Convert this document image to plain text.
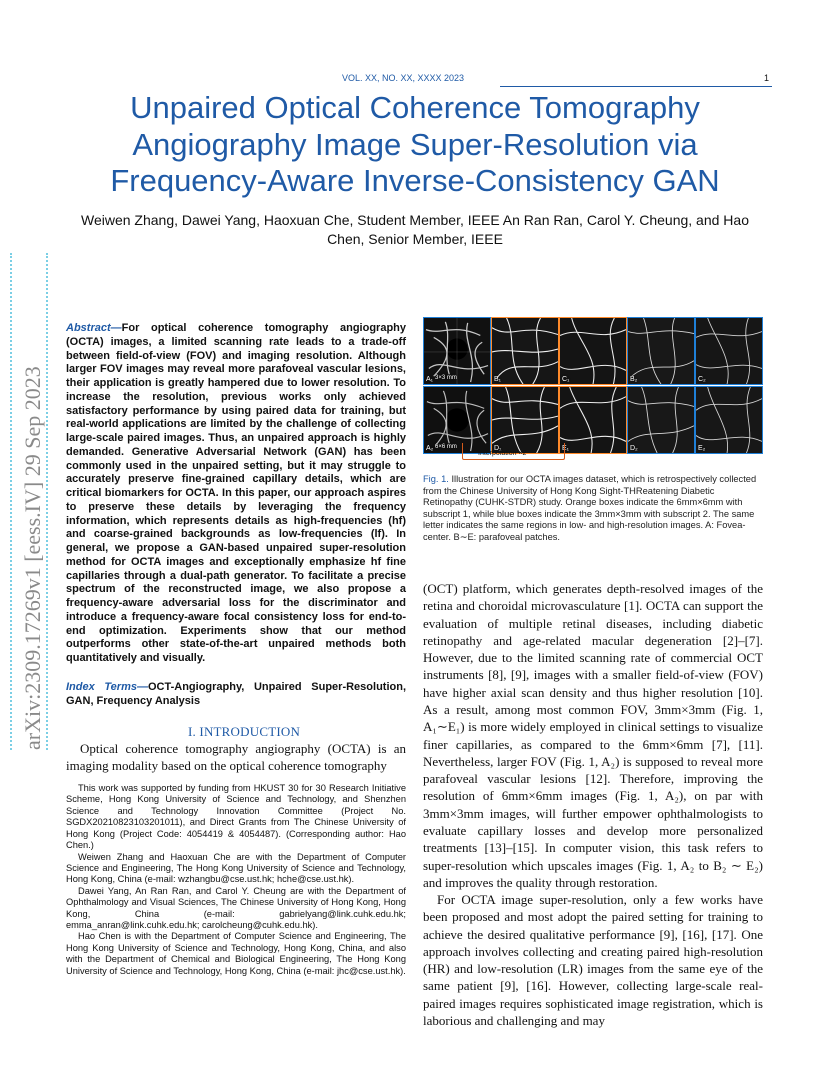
VOL. XX, NO. XX, XXXX 2023	1
arXiv:2309.17269v1 [eess.IV] 29 Sep 2023
Unpaired Optical Coherence Tomography Angiography Image Super-Resolution via Frequency-Aware Inverse-Consistency GAN
Weiwen Zhang, Dawei Yang, Haoxuan Che, Student Member, IEEE An Ran Ran, Carol Y. Cheung, and Hao Chen, Senior Member, IEEE
Abstract—For optical coherence tomography angiography (OCTA) images, a limited scanning rate leads to a trade-off between field-of-view (FOV) and imaging resolution. Although larger FOV images may reveal more parafoveal vascular lesions, their application is greatly hampered due to lower resolution. To increase the resolution, previous works only achieved satisfactory performance by using paired data for training, but real-world applications are limited by the challenge of collecting large-scale paired images. Thus, an unpaired approach is highly demanded. Generative Adversarial Network (GAN) has been commonly used in the unpaired setting, but it may struggle to accurately preserve fine-grained capillary details, which are critical biomarkers for OCTA. In this paper, our approach aspires to preserve these details by leveraging the frequency information, which represents details as high-frequencies (hf) and coarse-grained backgrounds as low-frequencies (lf). In general, we propose a GAN-based unpaired super-resolution method for OCTA images and exceptionally emphasize hf fine capillaries through a dual-path generator. To facilitate a precise spectrum of the reconstructed image, we also propose a frequency-aware adversarial loss for the discriminator and introduce a frequency-aware focal consistency loss for end-to-end optimization. Experiments show that our method outperforms other state-of-the-art unpaired methods both quantitatively and visually.
Index Terms—OCT-Angiography, Unpaired Super-Resolution, GAN, Frequency Analysis
I. INTRODUCTION
Optical coherence tomography angiography (OCTA) is an imaging modality based on the optical coherence tomography

This work was supported by funding from HKUST 30 for 30 Research Initiative Scheme, Hong Kong University of Science and Technology, and Shenzhen Science and Technology Innovation Committee (Project No. SGDX20210823103201011), and Direct Grants from The Chinese University of Hong Kong (Project Code: 4054419 & 4054487). (Corresponding author: Hao Chen.)

Weiwen Zhang and Haoxuan Che are with the Department of Computer Science and Engineering, The Hong Kong University of Science and Technology, Hong Kong, China (e-mail: wzhangbu@cse.ust.hk; hche@cse.ust.hk).

Dawei Yang, An Ran Ran, and Carol Y. Cheung are with the Department of Ophthalmology and Visual Sciences, The Chinese University of Hong Kong, Hong Kong, China (e-mail: gabrielyang@link.cuhk.edu.hk; emma_anran@link.cuhk.edu.hk; carolcheung@cuhk.edu.hk).

Hao Chen is with the Department of Computer Science and Engineering, The Hong Kong University of Science and Technology, Hong Kong, China, and also with the Department of Chemical and Biological Engineering, The Hong Kong University of Science and Technology, Hong Kong, China (e-mail: jhc@cse.ust.hk).

A₁ 3×3 mm	B₁	C₁	B₂	C₂
A₂ 6×6 mm	D₁	E₁	D₂	E₂
Interpolation ×2
Fig. 1. Illustration for our OCTA images dataset, which is retrospectively collected from the Chinese University of Hong Kong Sight-THReatening Diabetic Retinopathy (CUHK-STDR) study. Orange boxes indicate the 6mm×6mm with subscript 1, while blue boxes indicate the 3mm×3mm with subscript 2. The same letter indicates the same regions in low- and high-resolution images. A: Fovea-center. B∼E: parafoveal patches.

(OCT) platform, which generates depth-resolved images of the retina and choroidal microvasculature [1]. OCTA can support the evaluation of multiple retinal diseases, including diabetic retinopathy and age-related macular degeneration [2]–[7]. However, due to the limited scanning rate of commercial OCT instruments [8], [9], images with a smaller field-of-view (FOV) have higher axial scan density and thus higher resolution [10]. As a result, among most common FOV, 3mm×3mm (Fig. 1, A₁∼E₁) is more widely employed in clinical settings to visualize finer capillaries, as compared to the 6mm×6mm [7], [11]. Nevertheless, larger FOV (Fig. 1, A₂) is supposed to reveal more parafoveal vascular lesions [12]. Therefore, improving the resolution of 6mm×6mm images (Fig. 1, A₂), on par with 3mm×3mm images, will further empower ophthalmologists to evaluate capillary losses and develop more personalized treatments [13]–[15]. In computer vision, this task refers to super-resolution which upscales images (Fig. 1, A₂ to B₂ ∼ E₂) and improves the quality through restoration.

For OCTA image super-resolution, only a few works have been proposed and most adopt the paired setting for training to achieve the desired qualitative performance [9], [16], [17]. One approach involves collecting and creating paired high-resolution (HR) and low-resolution (LR) images from the same eye of the same patient [9], [16]. However, collecting large-scale real-paired images requires sophisticated image registration, which is laborious and challenging and may
